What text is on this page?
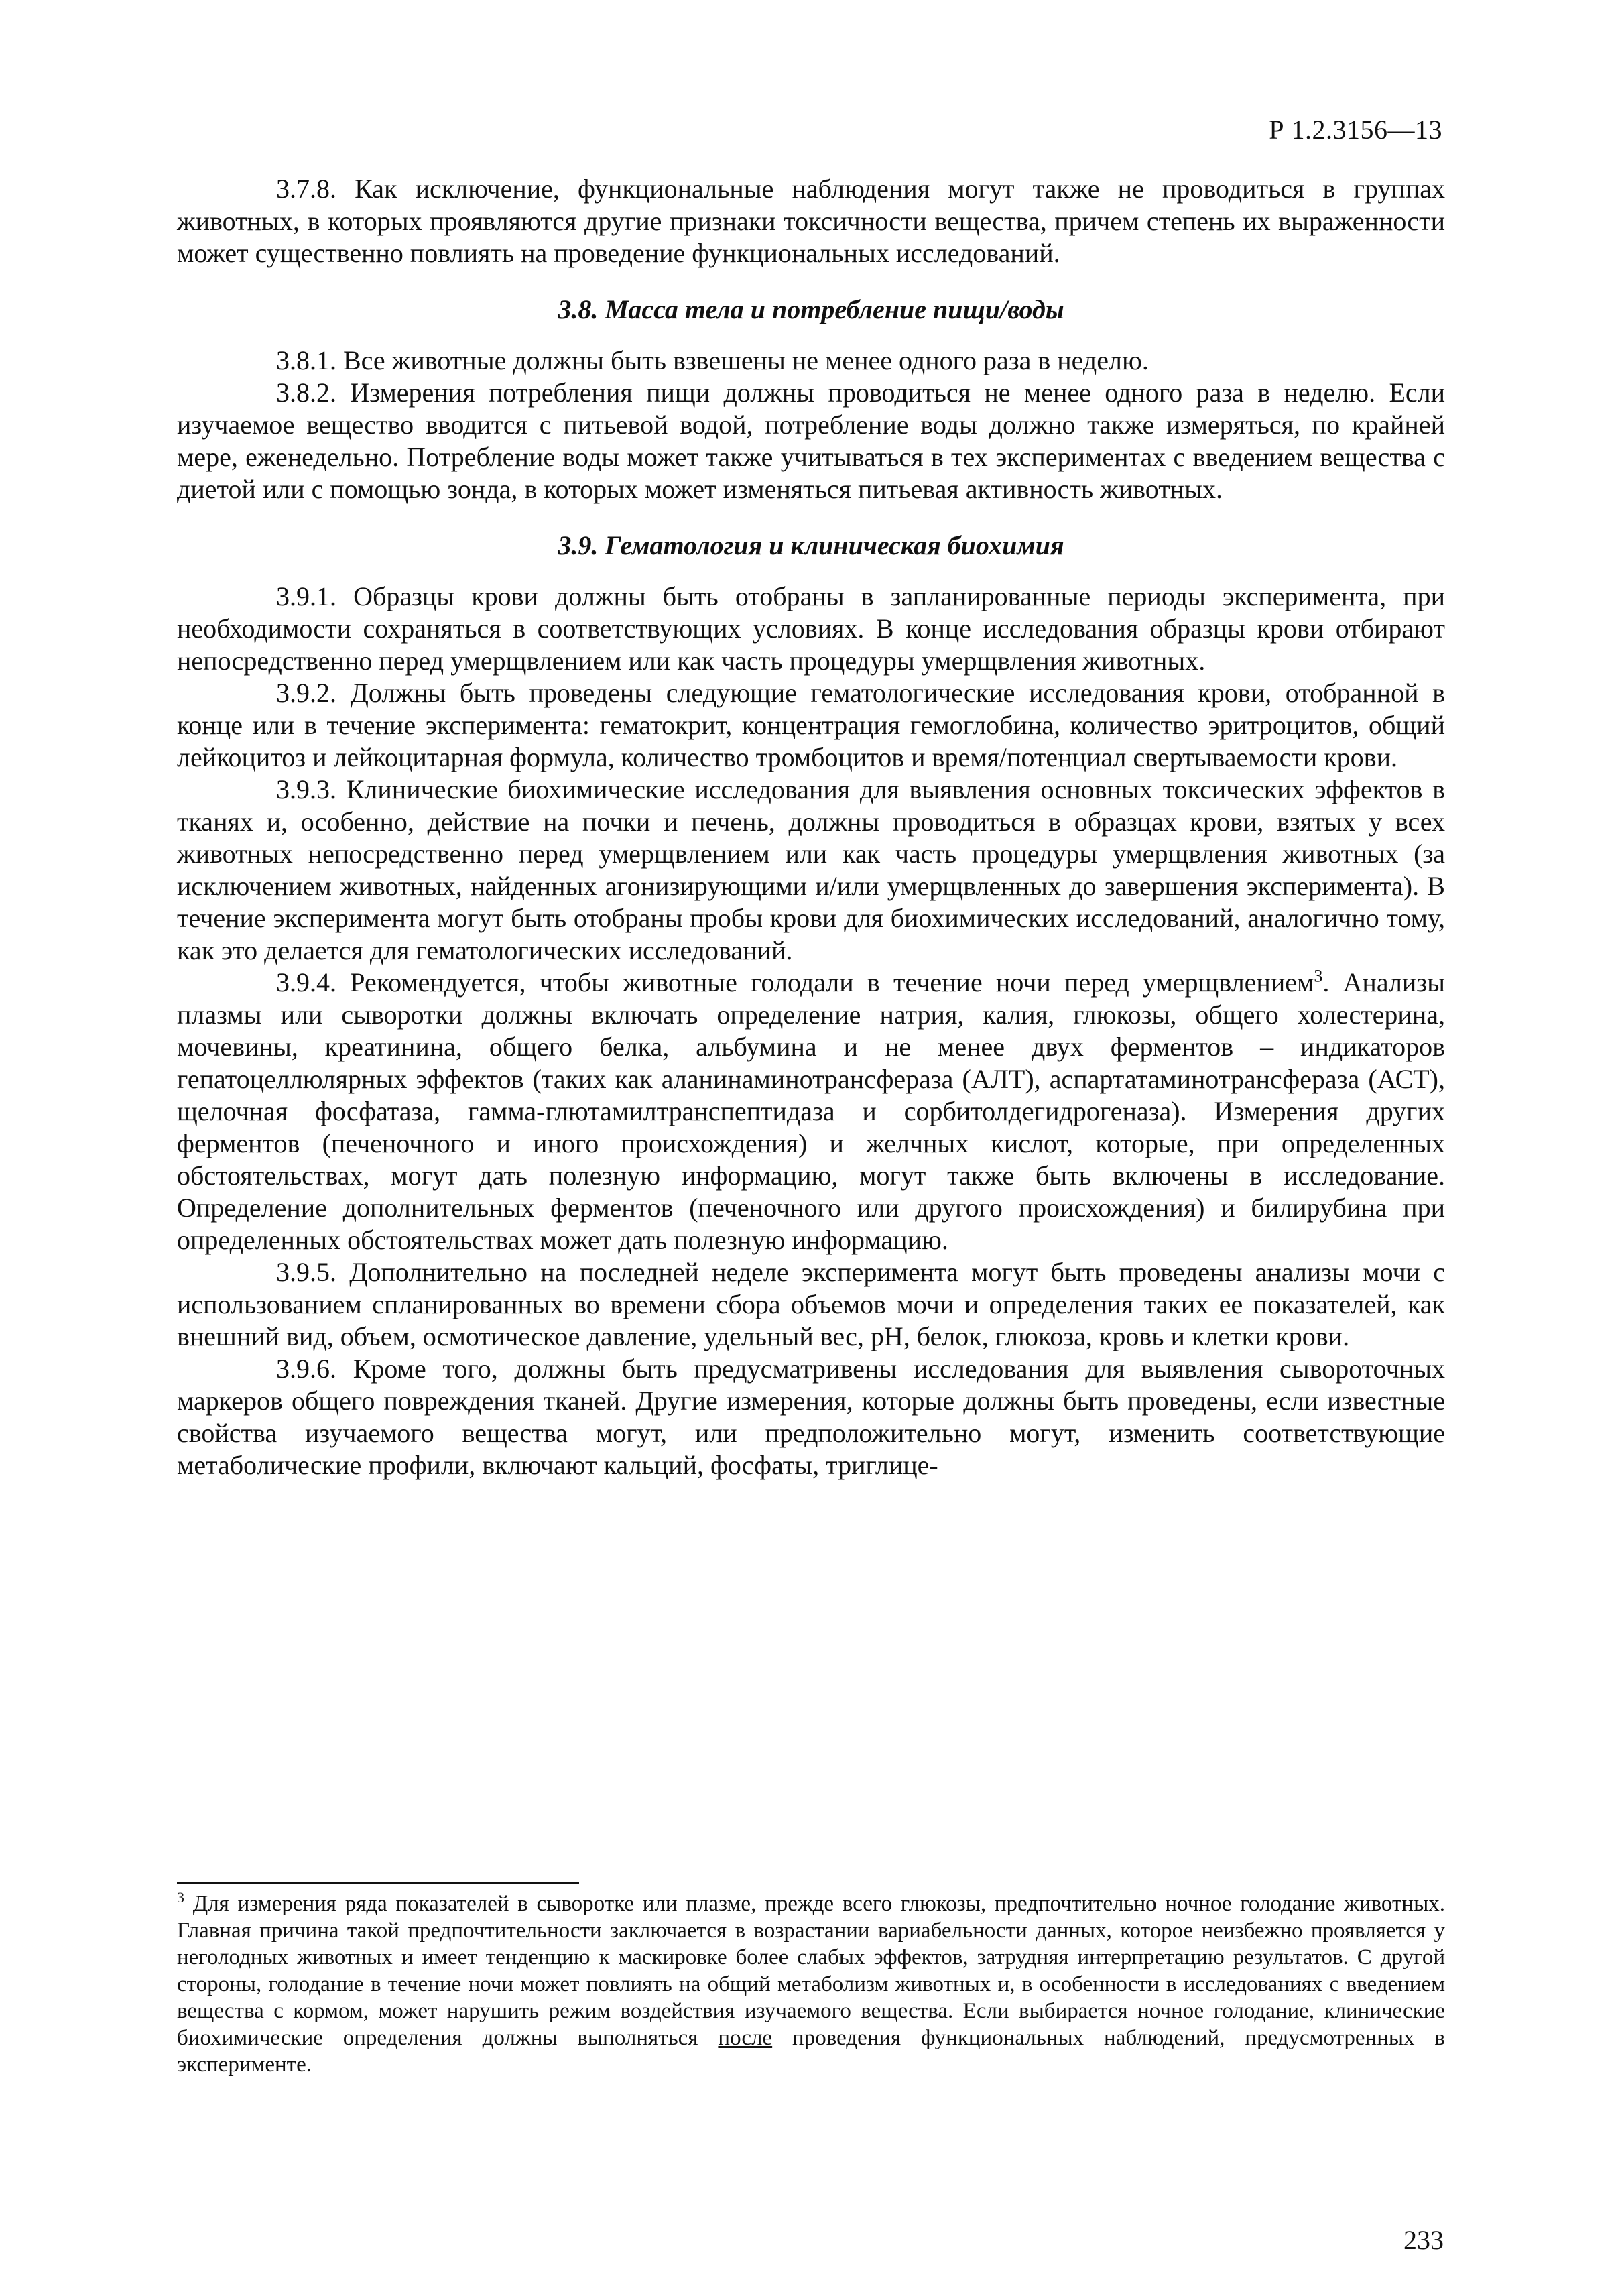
Р 1.2.3156—13

3.7.8. Как исключение, функциональные наблюдения могут также не проводиться в группах животных, в которых проявляются другие признаки токсичности вещества, причем степень их выраженности может существенно повлиять на проведение функциональных исследований.

3.8. Масса тела и потребление пищи/воды

3.8.1. Все животные должны быть взвешены не менее одного раза в неделю.

3.8.2. Измерения потребления пищи должны проводиться не менее одного раза в неделю. Если изучаемое вещество вводится с питьевой водой, потребление воды должно также измеряться, по крайней мере, еженедельно. Потребление воды может также учитываться в тех экспериментах с введением вещества с диетой или с помощью зонда, в которых может изменяться питьевая активность животных.

3.9. Гематология и клиническая биохимия

3.9.1. Образцы крови должны быть отобраны в запланированные периоды эксперимента, при необходимости сохраняться в соответствующих условиях. В конце исследования образцы крови отбирают непосредственно перед умерщвлением или как часть процедуры умерщвления животных.

3.9.2. Должны быть проведены следующие гематологические исследования крови, отобранной в конце или в течение эксперимента: гематокрит, концентрация гемоглобина, количество эритроцитов, общий лейкоцитоз и лейкоцитарная формула, количество тромбоцитов и время/потенциал свертываемости крови.

3.9.3. Клинические биохимические исследования для выявления основных токсических эффектов в тканях и, особенно, действие на почки и печень, должны проводиться в образцах крови, взятых у всех животных непосредственно перед умерщвлением или как часть процедуры умерщвления животных (за исключением животных, найденных агонизирующими и/или умерщвленных до завершения эксперимента). В течение эксперимента могут быть отобраны пробы крови для биохимических исследований, аналогично тому, как это делается для гематологических исследований.

3.9.4. Рекомендуется, чтобы животные голодали в течение ночи перед умерщвлением$^3$. Анализы плазмы или сыворотки должны включать определение натрия, калия, глюкозы, общего холестерина, мочевины, креатинина, общего белка, альбумина и не менее двух ферментов – индикаторов гепатоцеллюлярных эффектов (таких как аланинаминотрансфераза (АЛТ), аспартатаминотрансфераза (АСТ), щелочная фосфатаза, гамма-глютамилтранспептидаза и сорбитолдегидрогеназа). Измерения других ферментов (печеночного и иного происхождения) и желчных кислот, которые, при определенных обстоятельствах, могут дать полезную информацию, могут также быть включены в исследование. Определение дополнительных ферментов (печеночного или другого происхождения) и билирубина при определенных обстоятельствах может дать полезную информацию.

3.9.5. Дополнительно на последней неделе эксперимента могут быть проведены анализы мочи с использованием спланированных во времени сбора объемов мочи и определения таких ее показателей, как внешний вид, объем, осмотическое давление, удельный вес, pH, белок, глюкоза, кровь и клетки крови.

3.9.6. Кроме того, должны быть предусматривены исследования для выявления сывороточных маркеров общего повреждения тканей. Другие измерения, которые должны быть проведены, если известные свойства изучаемого вещества могут, или предположительно могут, изменить соответствующие метаболические профили, включают кальций, фосфаты, триглице-

$^3$ Для измерения ряда показателей в сыворотке или плазме, прежде всего глюкозы, предпочтительно ночное голодание животных. Главная причина такой предпочтительности заключается в возрастании вариабельности данных, которое неизбежно проявляется у неголодных животных и имеет тенденцию к маскировке более слабых эффектов, затрудняя интерпретацию результатов. С другой стороны, голодание в течение ночи может повлиять на общий метаболизм животных и, в особенности в исследованиях с введением вещества с кормом, может нарушить режим воздействия изучаемого вещества. Если выбирается ночное голодание, клинические биохимические определения должны выполняться после проведения функциональных наблюдений, предусмотренных в эксперименте.

233
